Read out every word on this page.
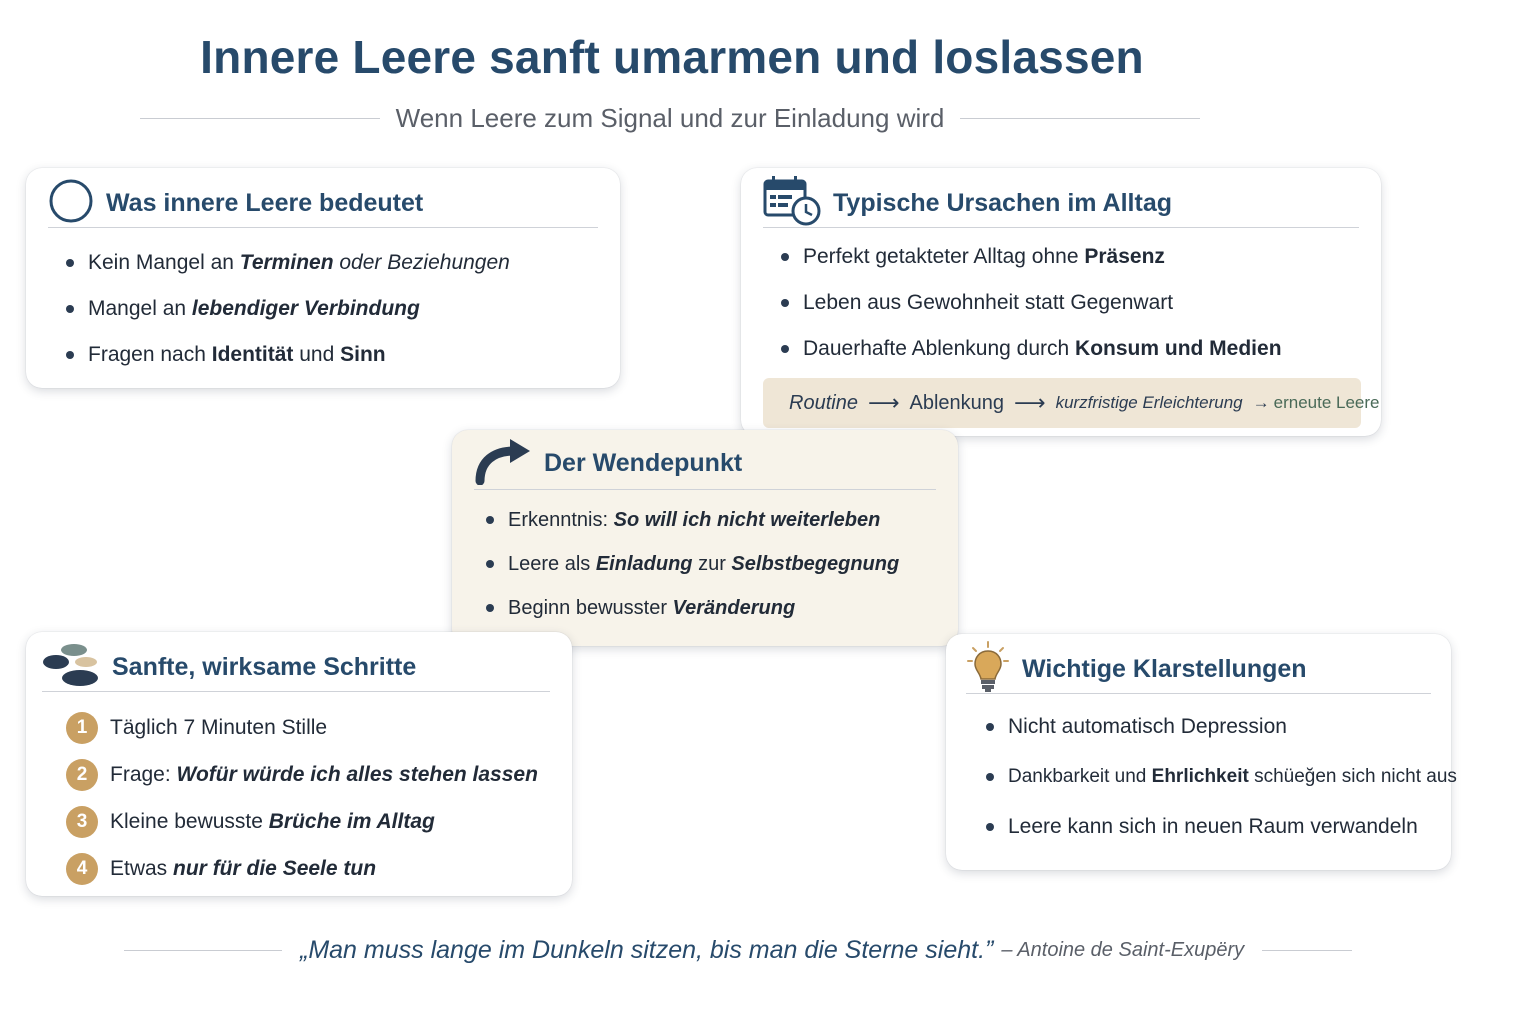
Innere Leere sanft umarmen und loslassen
Wenn Leere zum Signal und zur Einladung wird
Was innere Leere bedeutet
Kein Mangel an Terminen oder Beziehungen
Mangel an lebendiger Verbindung
Fragen nach Identität und Sinn
Typische Ursachen im Alltag
Perfekt getakteter Alltag ohne Präsenz
Leben aus Gewohnheit statt Gegenwart
Dauerhafte Ablenkung durch Konsum und Medien
Routine ⟶ Ablenkung ⟶ kurzfristige Erleichterung → erneute Leere
Der Wendepunkt
Erkenntnis: So will ich nicht weiterleben
Leere als Einladung zur Selbstbegegnung
Beginn bewusster Veränderung
Sanfte, wirksame Schritte
1	Täglich 7 Minuten Stille
2	Frage: Wofür würde ich alles stehen lassen
3	Kleine bewusste Brüche im Alltag
4	Etwas nur für die Seele tun
Wichtige Klarstellungen
Nicht automatisch Depression
Dankbarkeit und Ehrlichkeit schüeğen sich nicht aus
Leere kann sich in neuen Raum verwandeln
„Man muss lange im Dunkeln sitzen, bis man die Sterne sieht.” – Antoine de Saint-Exupëry
